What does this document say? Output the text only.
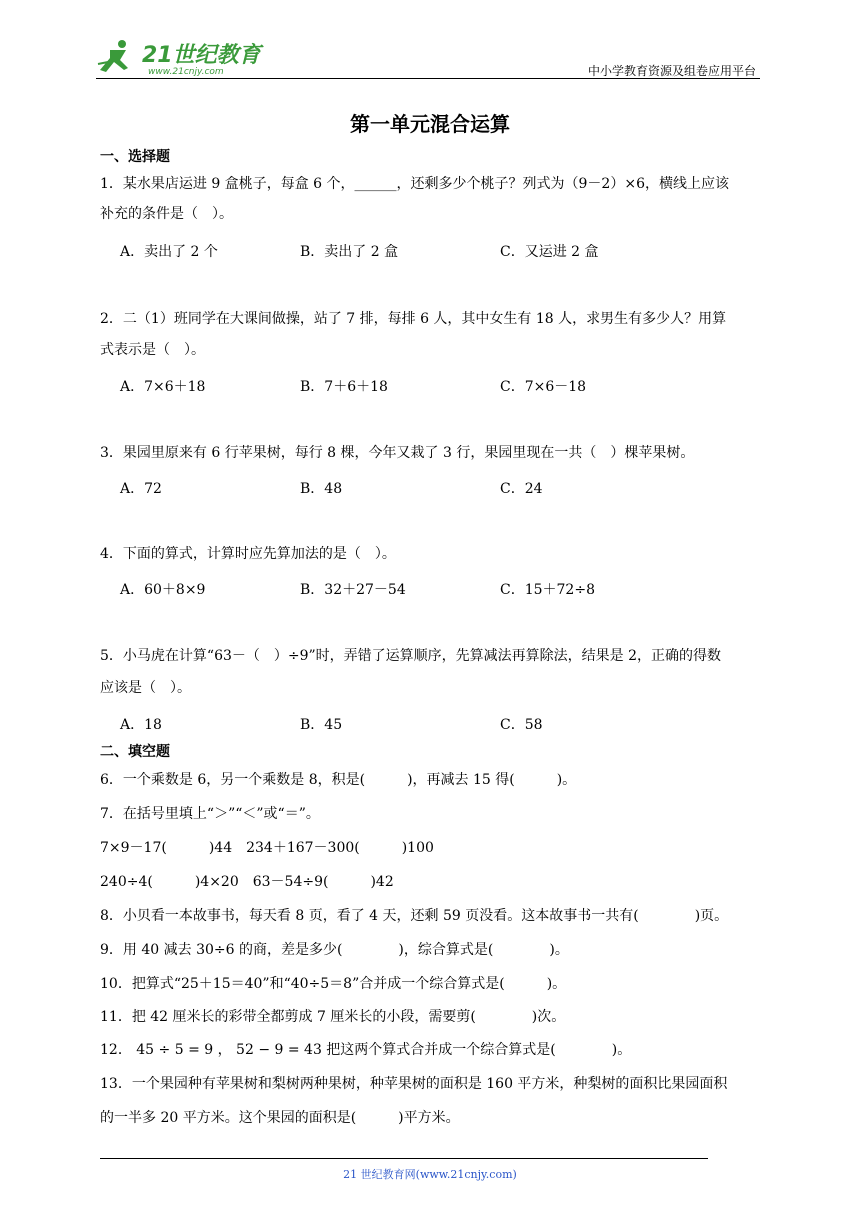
21世纪教育
www.21cnjy.com	中小学教育资源及组卷应用平台
第一单元混合运算
一、选择题
1．某水果店运进 9 盒桃子，每盒 6 个，______，还剩多少个桃子？列式为（9－2）×6，横线上应该
补充的条件是（　）。
A．卖出了 2 个	B．卖出了 2 盒	C．又运进 2 盒
2．二（1）班同学在大课间做操，站了 7 排，每排 6 人，其中女生有 18 人，求男生有多少人？用算
式表示是（　）。
A．7×6＋18	B．7＋6＋18	C．7×6－18
3．果园里原来有 6 行苹果树，每行 8 棵，今年又栽了 3 行，果园里现在一共（　）棵苹果树。
A．72	B．48	C．24
4．下面的算式，计算时应先算加法的是（　）。
A．60＋8×9	B．32＋27－54	C．15＋72÷8
5．小马虎在计算“63－（　）÷9”时，弄错了运算顺序，先算减法再算除法，结果是 2，正确的得数
应该是（　）。
A．18	B．45	C．58
二、填空题
6．一个乘数是 6，另一个乘数是 8，积是(　　　)，再减去 15 得(　　　)。
7．在括号里填上“＞”“＜”或“＝”。
7×9－17(　　　)44　234＋167－300(　　　)100
240÷4(　　　)4×20　63－54÷9(　　　)42
8．小贝看一本故事书，每天看 8 页，看了 4 天，还剩 59 页没看。这本故事书一共有(　　　　)页。
9．用 40 减去 30÷6 的商，差是多少(　　　　)，综合算式是(　　　　)。
10．把算式“25＋15＝40”和“40÷5＝8”合并成一个综合算式是(　　　)。
11．把 42 厘米长的彩带全都剪成 7 厘米长的小段，需要剪(　　　　)次。
12． 45 ÷ 5 = 9 ， 52 − 9 = 43 把这两个算式合并成一个综合算式是(　　　　)。
13．一个果园种有苹果树和梨树两种果树，种苹果树的面积是 160 平方米，种梨树的面积比果园面积
的一半多 20 平方米。这个果园的面积是(　　　)平方米。
21 世纪教育网(www.21cnjy.com)
